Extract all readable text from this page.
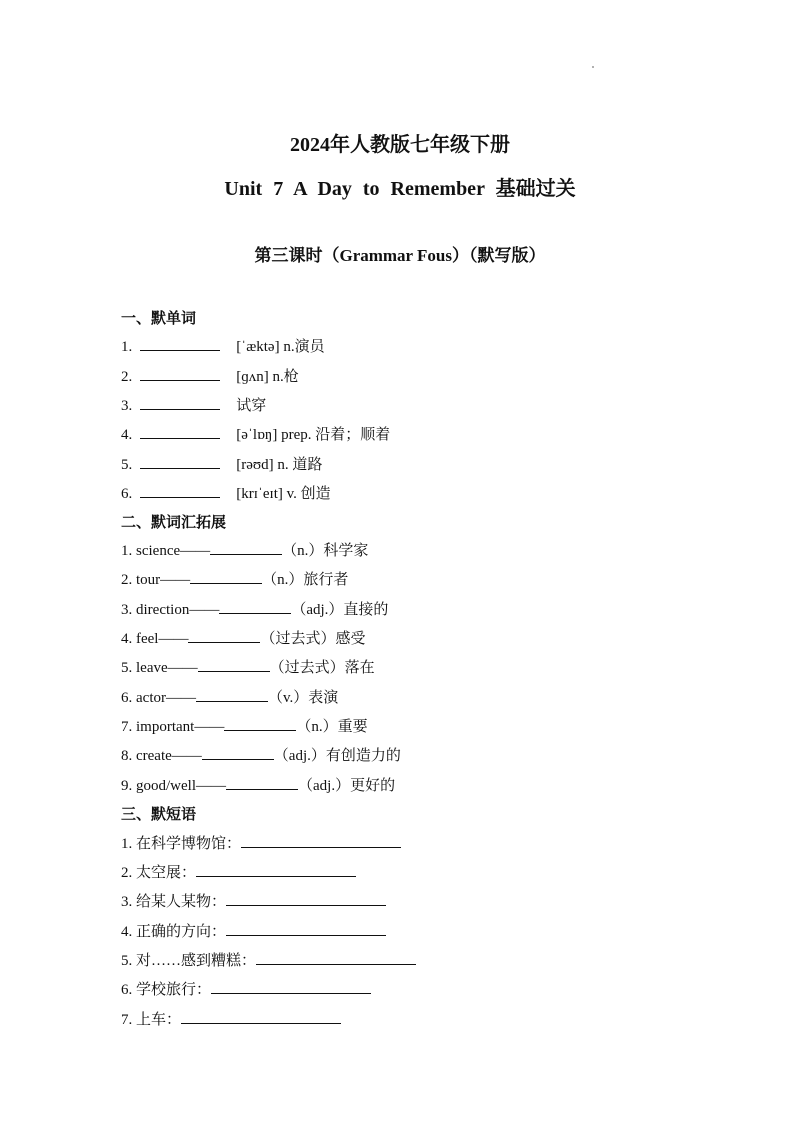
2024年人教版七年级下册
Unit 7 A Day to Remember 基础过关
第三课时（Grammar Fous）（默写版）
一、默单词
1.	[ˈæktə] n.演员
2.	[ɡʌn] n.枪
3.	试穿
4.	[əˈlɒŋ] prep. 沿着；顺着
5.	[rəʊd] n. 道路
6.	[krɪˈeɪt] v. 创造
二、默词汇拓展
1. science——	（n.）科学家
2. tour——	（n.）旅行者
3. direction——	（adj.）直接的
4. feel——	（过去式）感受
5. leave——	（过去式）落在
6. actor——	（v.）表演
7. important——	（n.）重要
8. create——	（adj.）有创造力的
9. good/well——	（adj.）更好的
三、默短语
1. 在科学博物馆：
2. 太空展：
3. 给某人某物：
4. 正确的方向：
5. 对……感到糟糕：
6. 学校旅行：
7. 上车：
